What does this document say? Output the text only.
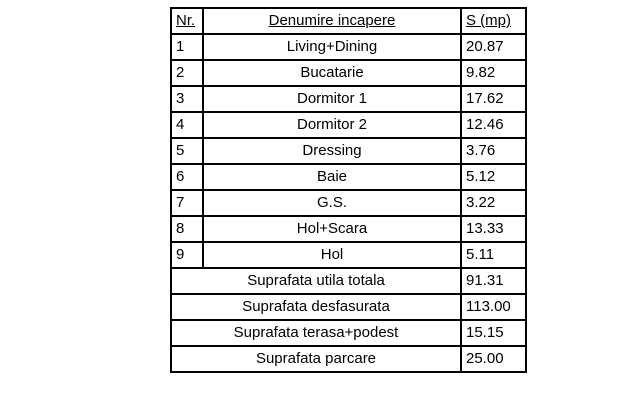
Nr.	Denumire incapere	S (mp)
1	Living+Dining	20.87
2	Bucatarie	9.82
3	Dormitor 1	17.62
4	Dormitor 2	12.46
5	Dressing	3.76
6	Baie	5.12
7	G.S.	3.22
8	Hol+Scara	13.33
9	Hol	5.11
Suprafata utila totala		91.31
Suprafata desfasurata		113.00
Suprafata terasa+podest		15.15
Suprafata parcare		25.00
